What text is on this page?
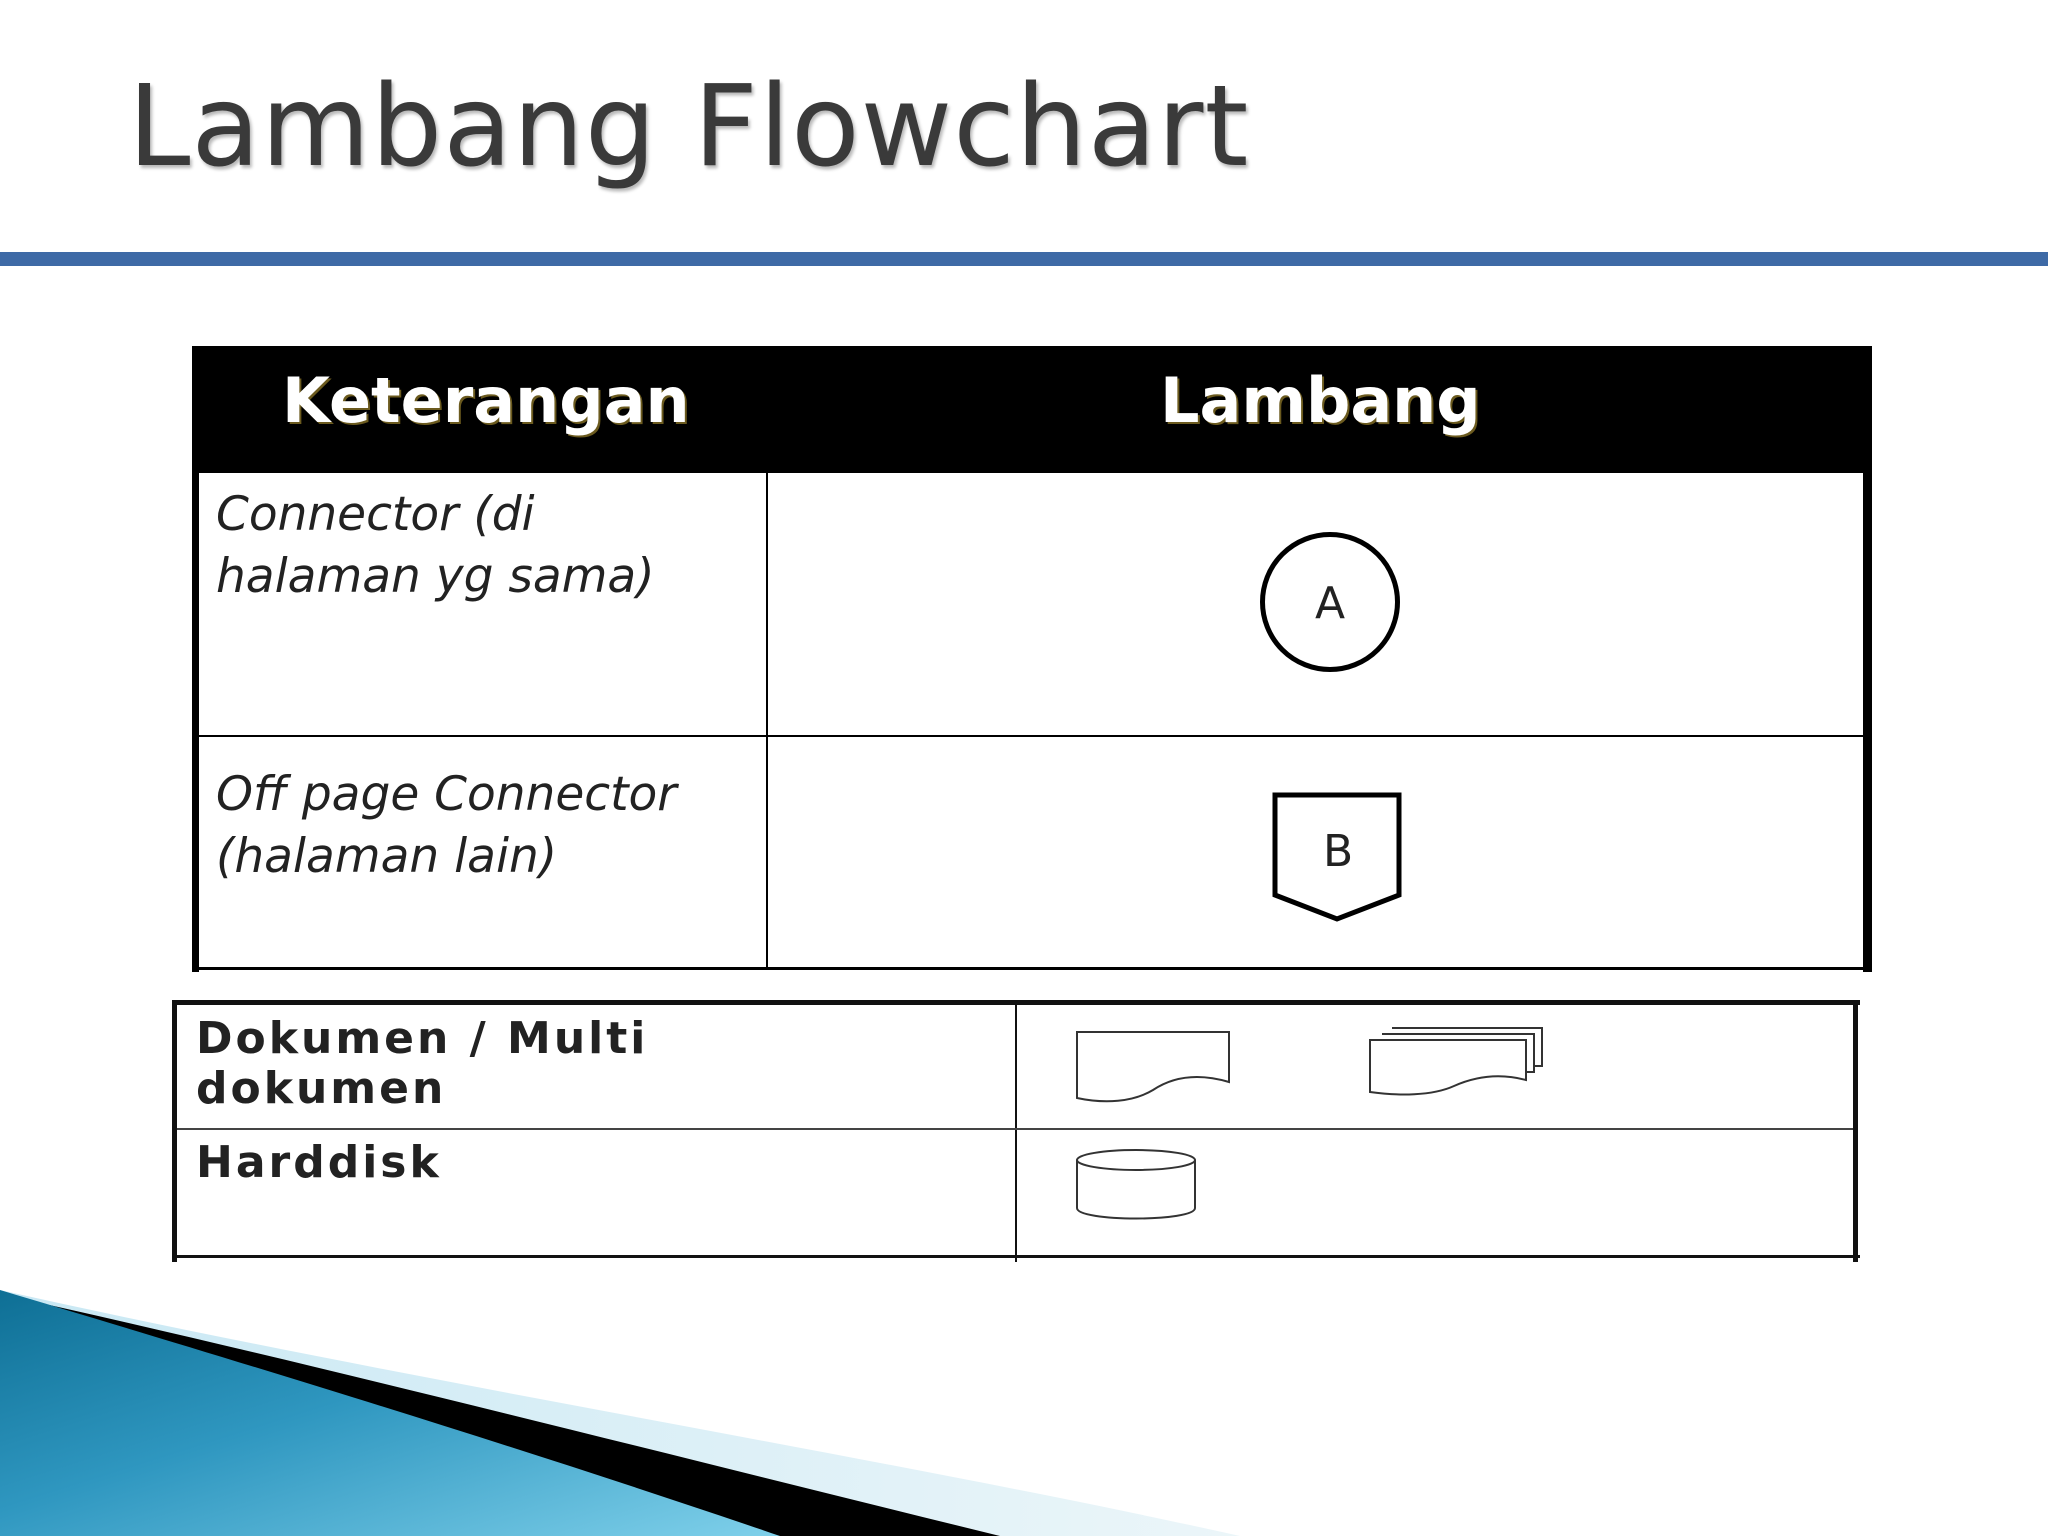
Lambang Flowchart

Keterangan	Lambang

Connector (di
halaman yg sama)	A

Off page Connector
(halaman lain)	B

Dokumen / Multi
dokumen

Harddisk
